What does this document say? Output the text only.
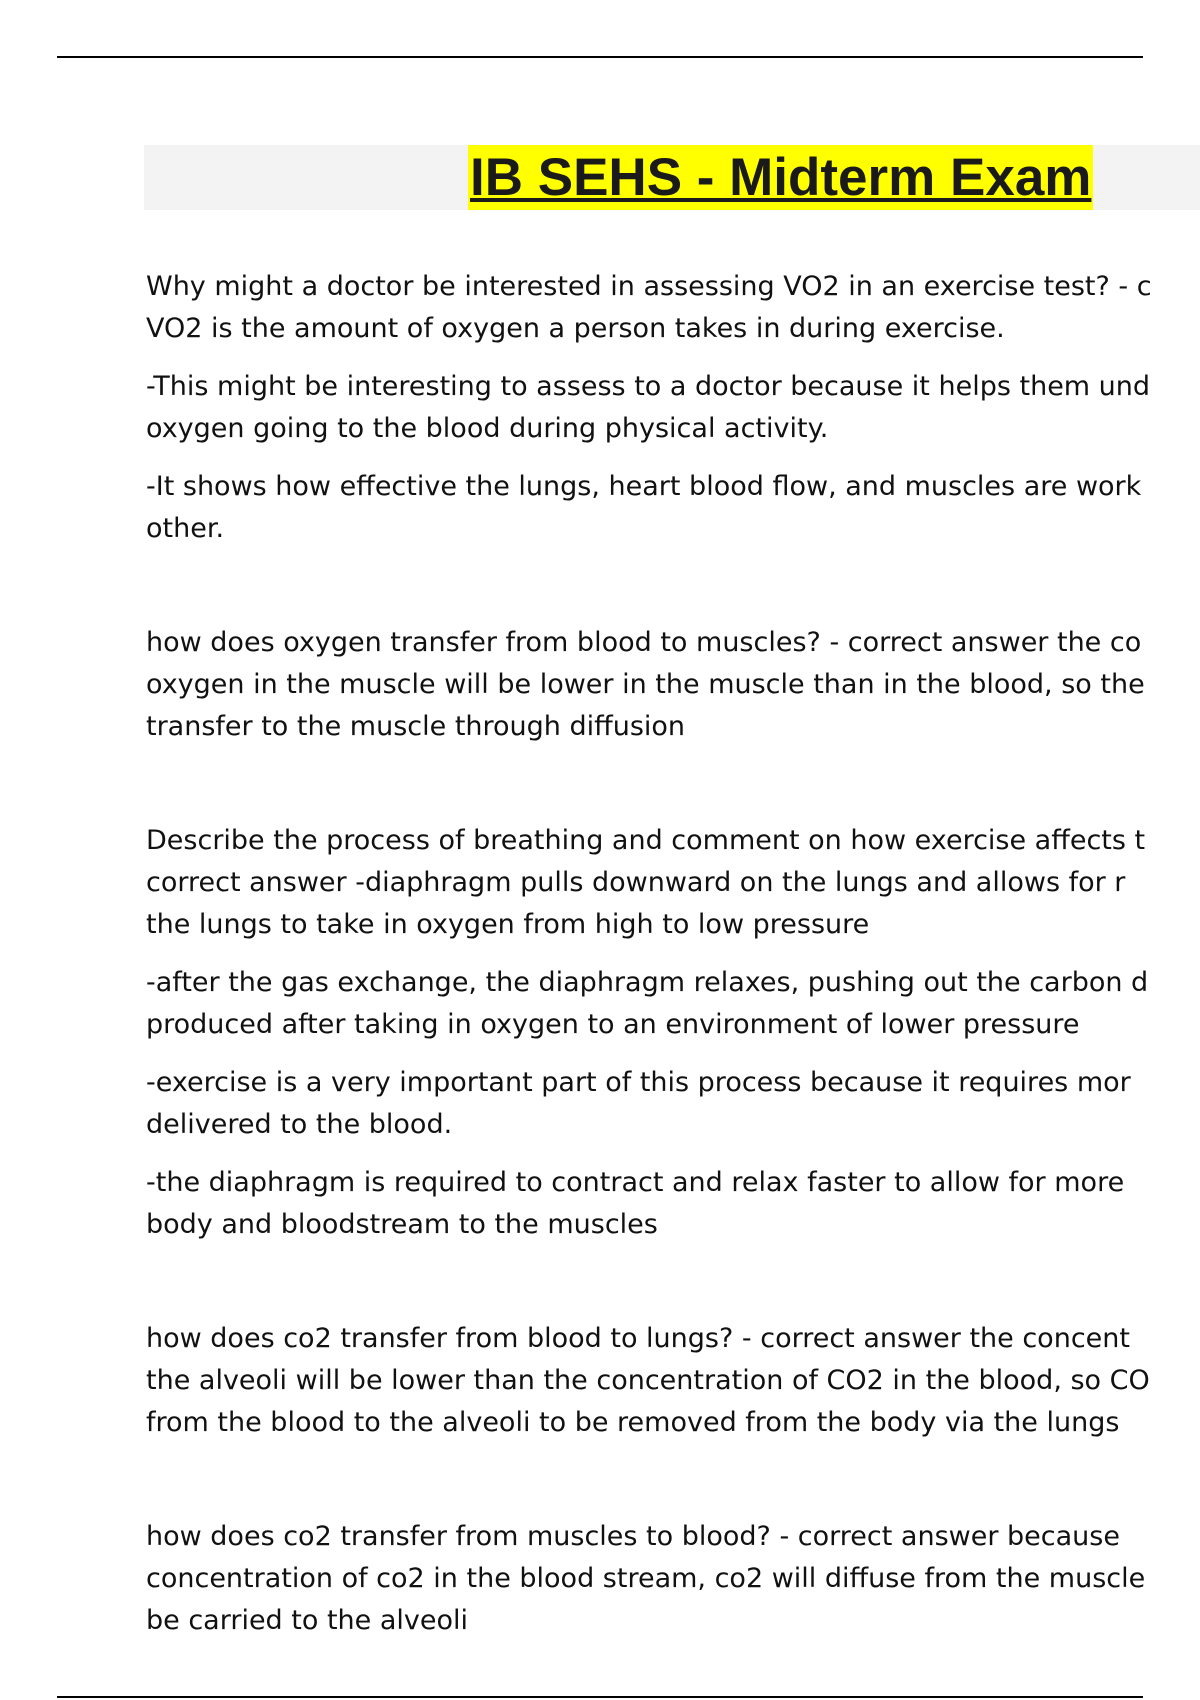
IB SEHS - Midterm Exam
Why might a doctor be interested in assessing VO2 in an exercise test? - c
VO2 is the amount of oxygen a person takes in during exercise.
-This might be interesting to assess to a doctor because it helps them und
oxygen going to the blood during physical activity.
-It shows how effective the lungs, heart blood flow, and muscles are work
other.
how does oxygen transfer from blood to muscles? - correct answer the co
oxygen in the muscle will be lower in the muscle than in the blood, so the
transfer to the muscle through diffusion
Describe the process of breathing and comment on how exercise affects t
correct answer -diaphragm pulls downward on the lungs and allows for r
the lungs to take in oxygen from high to low pressure
-after the gas exchange, the diaphragm relaxes, pushing out the carbon d
produced after taking in oxygen to an environment of lower pressure
-exercise is a very important part of this process because it requires mor
delivered to the blood.
-the diaphragm is required to contract and relax faster to allow for more
body and bloodstream to the muscles
how does co2 transfer from blood to lungs? - correct answer the concent
the alveoli will be lower than the concentration of CO2 in the blood, so CO
from the blood to the alveoli to be removed from the body via the lungs
how does co2 transfer from muscles to blood? - correct answer because
concentration of co2 in the blood stream, co2 will diffuse from the muscle
be carried to the alveoli
